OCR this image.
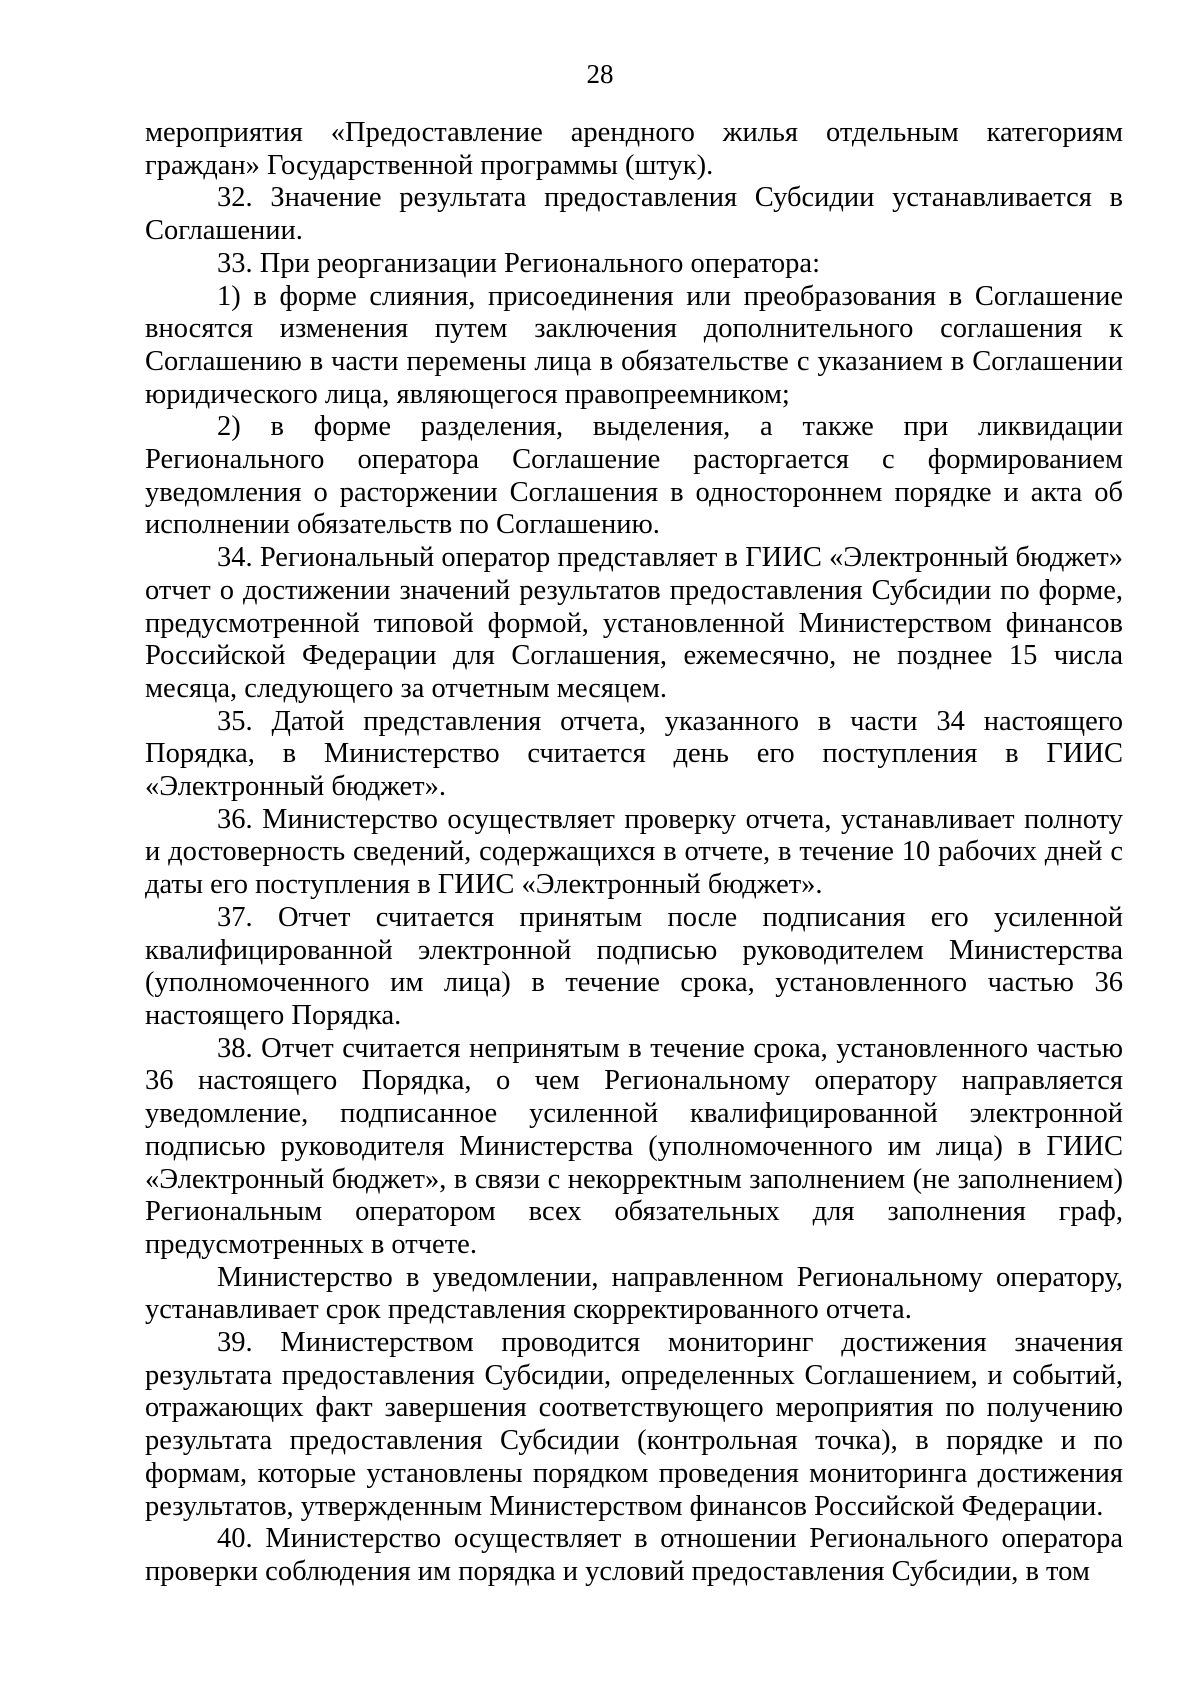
28

мероприятия «Предоставление арендного жилья отдельным категориям граждан» Государственной программы (штук).

32. Значение результата предоставления Субсидии устанавливается в Соглашении.

33. При реорганизации Регионального оператора:

1) в форме слияния, присоединения или преобразования в Соглашение вносятся изменения путем заключения дополнительного соглашения к Соглашению в части перемены лица в обязательстве с указанием в Соглашении юридического лица, являющегося правопреемником;

2) в форме разделения, выделения, а также при ликвидации Регионального оператора Соглашение расторгается с формированием уведомления о расторжении Соглашения в одностороннем порядке и акта об исполнении обязательств по Соглашению.

34. Региональный оператор представляет в ГИИС «Электронный бюджет» отчет о достижении значений результатов предоставления Субсидии по форме, предусмотренной типовой формой, установленной Министерством финансов Российской Федерации для Соглашения, ежемесячно, не позднее 15 числа месяца, следующего за отчетным месяцем.

35. Датой представления отчета, указанного в части 34 настоящего Порядка, в Министерство считается день его поступления в ГИИС «Электронный бюджет».

36. Министерство осуществляет проверку отчета, устанавливает полноту и достоверность сведений, содержащихся в отчете, в течение 10 рабочих дней с даты его поступления в ГИИС «Электронный бюджет».

37. Отчет считается принятым после подписания его усиленной квалифицированной электронной подписью руководителем Министерства (уполномоченного им лица) в течение срока, установленного частью 36 настоящего Порядка.

38. Отчет считается непринятым в течение срока, установленного частью 36 настоящего Порядка, о чем Региональному оператору направляется уведомление, подписанное усиленной квалифицированной электронной подписью руководителя Министерства (уполномоченного им лица) в ГИИС «Электронный бюджет», в связи с некорректным заполнением (не заполнением) Региональным оператором всех обязательных для заполнения граф, предусмотренных в отчете.

Министерство в уведомлении, направленном Региональному оператору, устанавливает срок представления скорректированного отчета.

39. Министерством проводится мониторинг достижения значения результата предоставления Субсидии, определенных Соглашением, и событий, отражающих факт завершения соответствующего мероприятия по получению результата предоставления Субсидии (контрольная точка), в порядке и по формам, которые установлены порядком проведения мониторинга достижения результатов, утвержденным Министерством финансов Российской Федерации.

40. Министерство осуществляет в отношении Регионального оператора проверки соблюдения им порядка и условий предоставления Субсидии, в том
